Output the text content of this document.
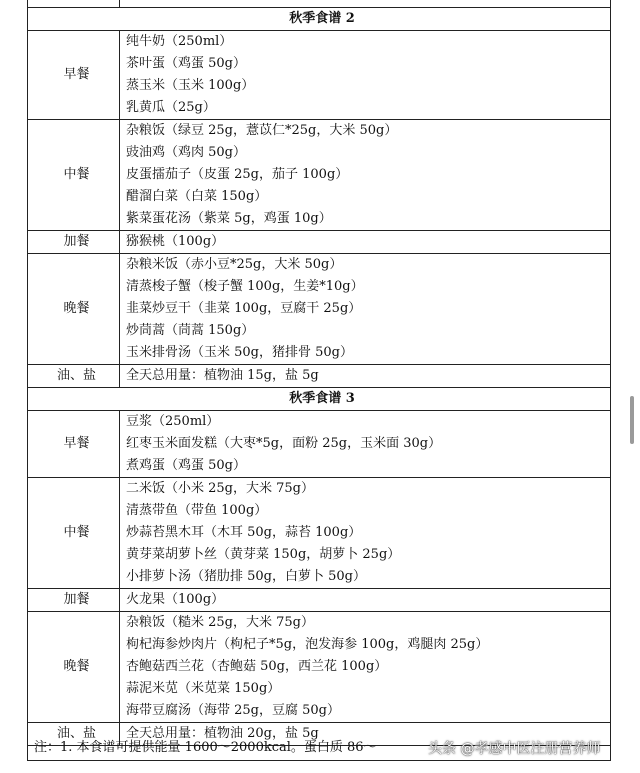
秋季食谱 2	
早餐	纯牛奶（250ml）
茶叶蛋（鸡蛋 50g）
蒸玉米（玉米 100g）
乳黄瓜（25g）

中餐	杂粮饭（绿豆 25g，薏苡仁*25g，大米 50g）
豉油鸡（鸡肉 50g）
皮蛋擂茄子（皮蛋 25g，茄子 100g）
醋溜白菜（白菜 150g）
紫菜蛋花汤（紫菜 5g，鸡蛋 10g）

加餐	猕猴桃（100g）

晚餐	杂粮米饭（赤小豆*25g，大米 50g）
清蒸梭子蟹（梭子蟹 100g，生姜*10g）
韭菜炒豆干（韭菜 100g，豆腐干 25g）
炒茼蒿（茼蒿 150g）
玉米排骨汤（玉米 50g，猪排骨 50g）

油、盐	全天总用量：植物油 15g，盐 5g

秋季食谱 3	
早餐	豆浆（250ml）
红枣玉米面发糕（大枣*5g，面粉 25g，玉米面 30g）
煮鸡蛋（鸡蛋 50g）

中餐	二米饭（小米 25g，大米 75g）
清蒸带鱼（带鱼 100g）
炒蒜苔黑木耳（木耳 50g，蒜苔 100g）
黄芽菜胡萝卜丝（黄芽菜 150g，胡萝卜 25g）
小排萝卜汤（猪肋排 50g，白萝卜 50g）

加餐	火龙果（100g）

晚餐	杂粮饭（糙米 25g，大米 75g）
枸杞海参炒肉片（枸杞子*5g，泡发海参 100g，鸡腿肉 25g）
杏鲍菇西兰花（杏鲍菇 50g，西兰花 100g）
蒜泥米苋（米苋菜 150g）
海带豆腐汤（海带 25g，豆腐 50g）

油、盐	全天总用量：植物油 20g，盐 5g
注：1. 本食谱可提供能量 1600～2000kcal。蛋白质 86～	头条 @孝感中医注册营养师
